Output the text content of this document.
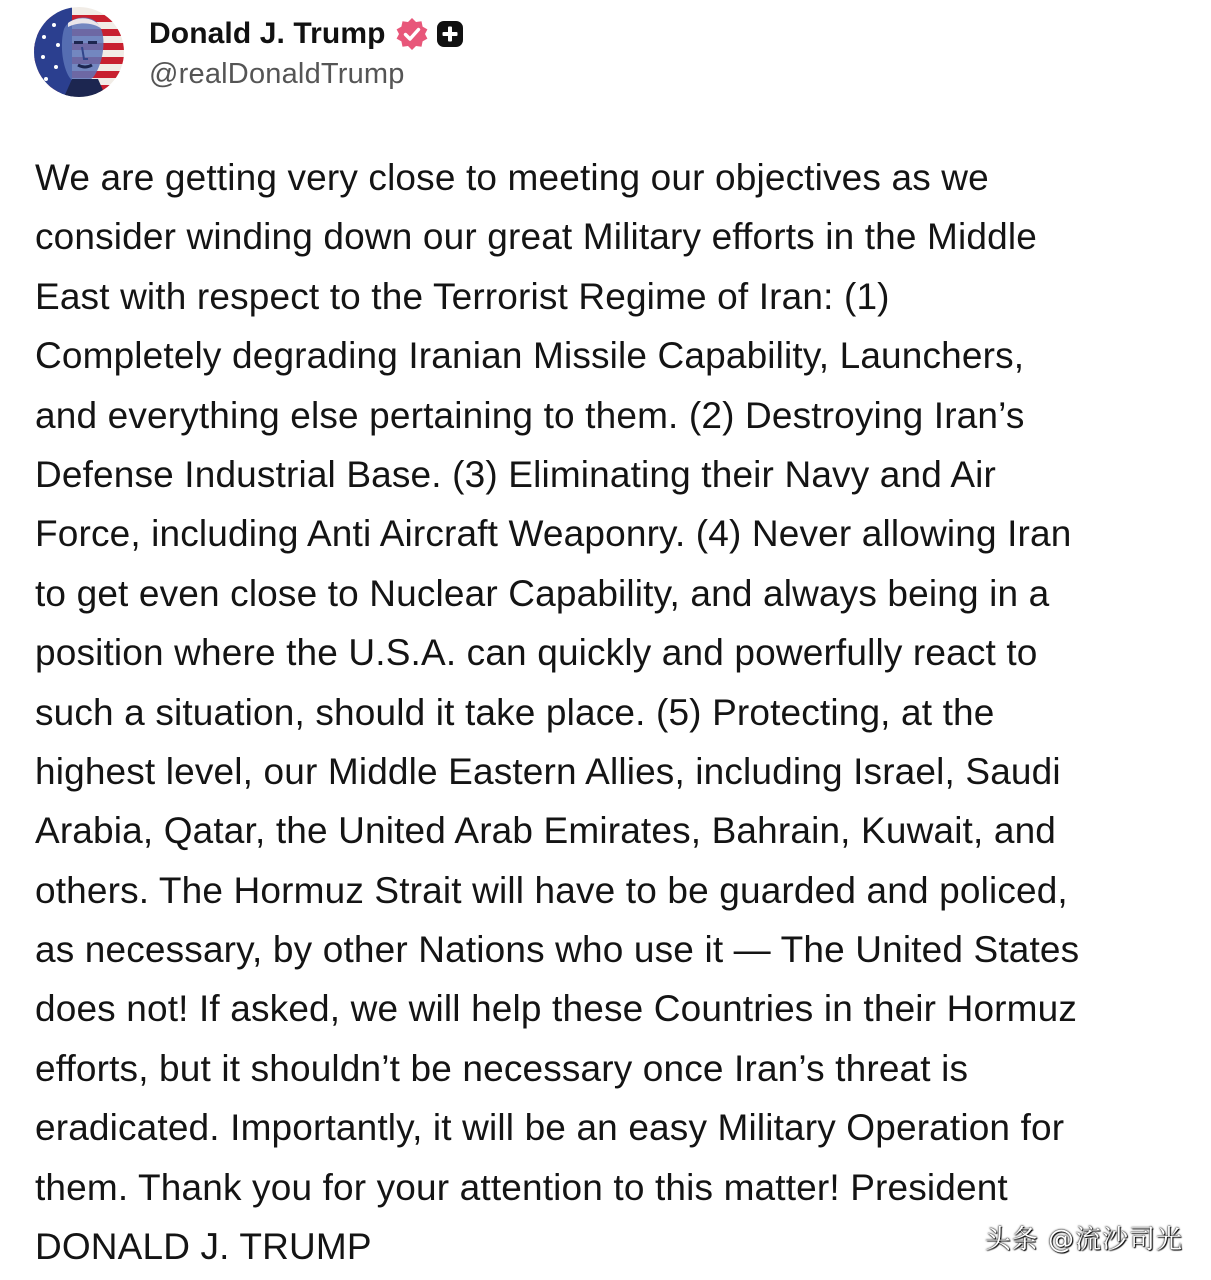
Donald J. Trump
@realDonaldTrump
We are getting very close to meeting our objectives as we
consider winding down our great Military efforts in the Middle
East with respect to the Terrorist Regime of Iran: (1)
Completely degrading Iranian Missile Capability, Launchers,
and everything else pertaining to them. (2) Destroying Iran’s
Defense Industrial Base. (3) Eliminating their Navy and Air
Force, including Anti Aircraft Weaponry. (4) Never allowing Iran
to get even close to Nuclear Capability, and always being in a
position where the U.S.A. can quickly and powerfully react to
such a situation, should it take place. (5) Protecting, at the
highest level, our Middle Eastern Allies, including Israel, Saudi
Arabia, Qatar, the United Arab Emirates, Bahrain, Kuwait, and
others. The Hormuz Strait will have to be guarded and policed,
as necessary, by other Nations who use it — The United States
does not! If asked, we will help these Countries in their Hormuz
efforts, but it shouldn’t be necessary once Iran’s threat is
eradicated. Importantly, it will be an easy Military Operation for
them. Thank you for your attention to this matter! President
DONALD J. TRUMP	头条 @流沙司光
